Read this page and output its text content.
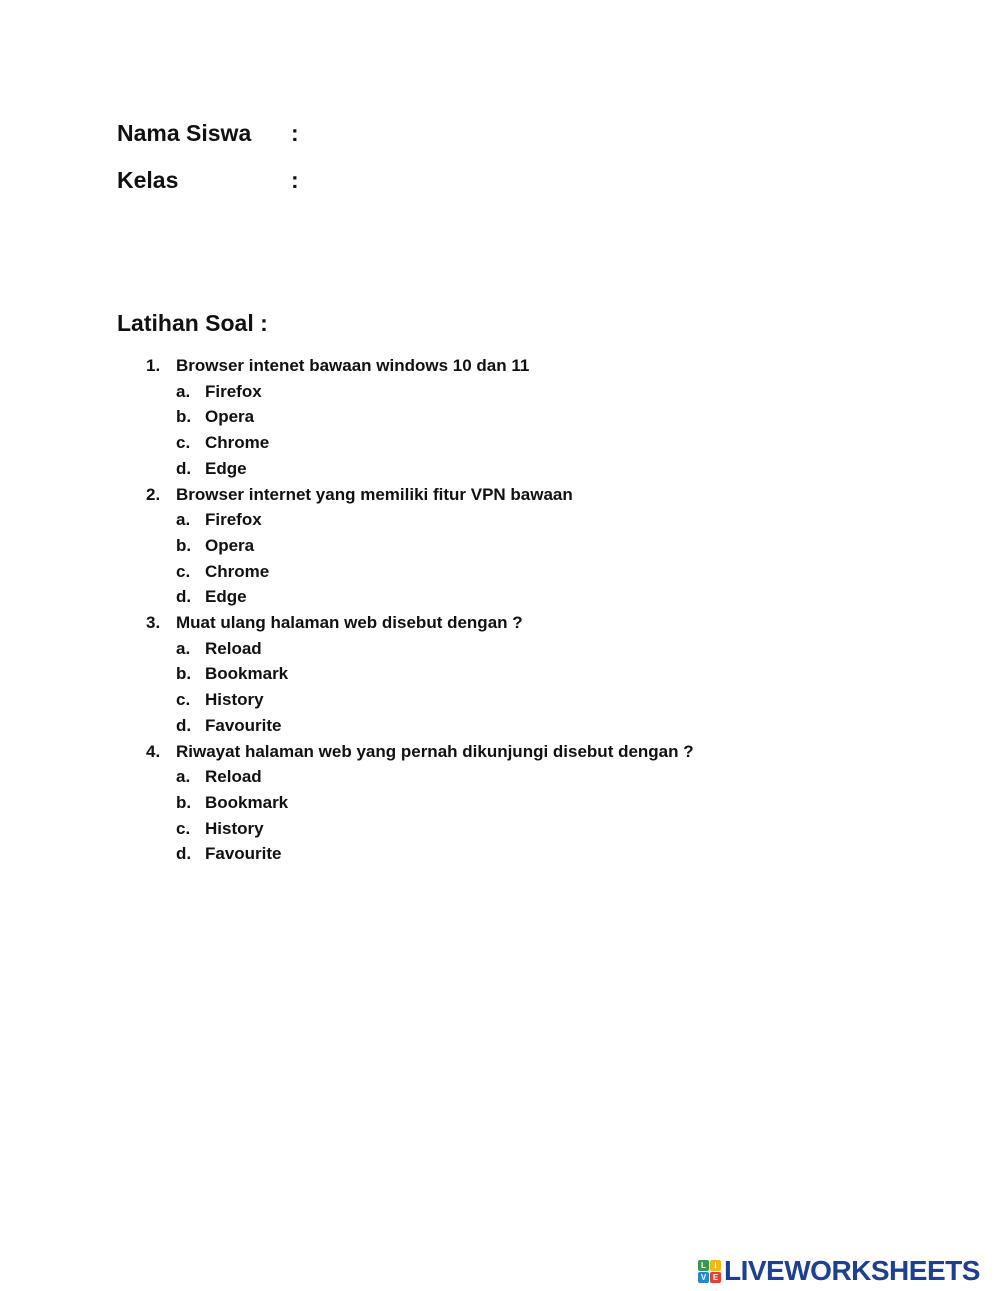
Nama Siswa :
Kelas	:
Latihan Soal :
1. Browser intenet bawaan windows 10 dan 11
a. Firefox
b. Opera
c. Chrome
d. Edge
2. Browser internet yang memiliki fitur VPN bawaan
a. Firefox
b. Opera
c. Chrome
d. Edge
3. Muat ulang halaman web disebut dengan ?
a. Reload
b. Bookmark
c. History
d. Favourite
4. Riwayat halaman web yang pernah dikunjungi disebut dengan ?
a. Reload
b. Bookmark
c. History
d. Favourite
L	I
V E LIVEWORKSHEETS
